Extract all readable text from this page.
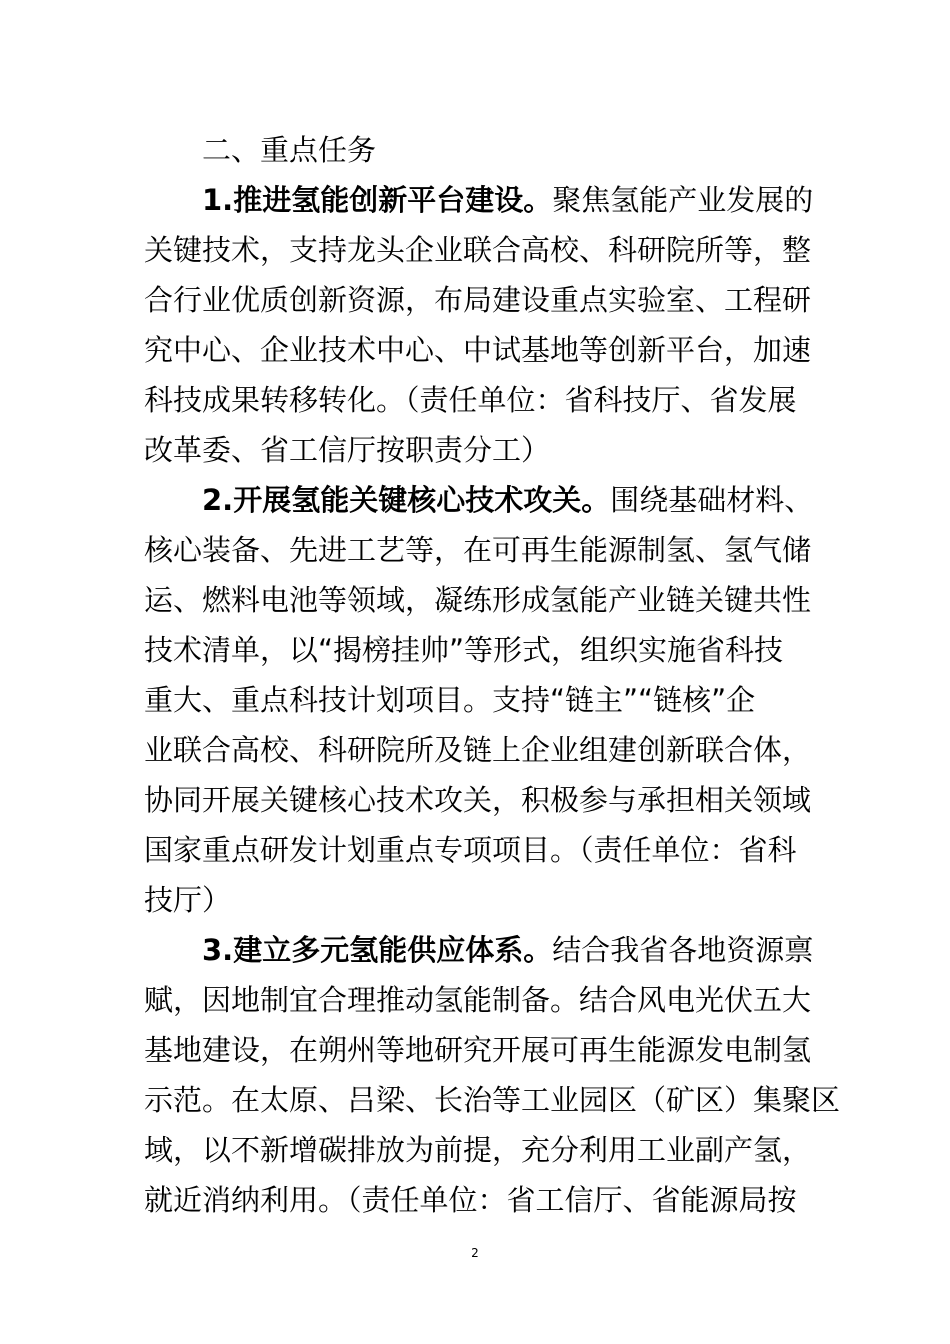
二、重点任务
1.推进氢能创新平台建设。聚焦氢能产业发展的
关键技术，支持龙头企业联合高校、科研院所等，整
合行业优质创新资源，布局建设重点实验室、工程研
究中心、企业技术中心、中试基地等创新平台，加速
科技成果转移转化。（责任单位：省科技厅、省发展
改革委、省工信厅按职责分工）
2.开展氢能关键核心技术攻关。围绕基础材料、
核心装备、先进工艺等，在可再生能源制氢、氢气储
运、燃料电池等领域，凝练形成氢能产业链关键共性
技术清单，以“揭榜挂帅”等形式，组织实施省科技
重大、重点科技计划项目。支持“链主”“链核”企
业联合高校、科研院所及链上企业组建创新联合体，
协同开展关键核心技术攻关，积极参与承担相关领域
国家重点研发计划重点专项项目。（责任单位：省科
技厅）
3.建立多元氢能供应体系。结合我省各地资源禀
赋，因地制宜合理推动氢能制备。结合风电光伏五大
基地建设，在朔州等地研究开展可再生能源发电制氢
示范。在太原、吕梁、长治等工业园区（矿区）集聚区
域，以不新增碳排放为前提，充分利用工业副产氢，
就近消纳利用。（责任单位：省工信厅、省能源局按
2
